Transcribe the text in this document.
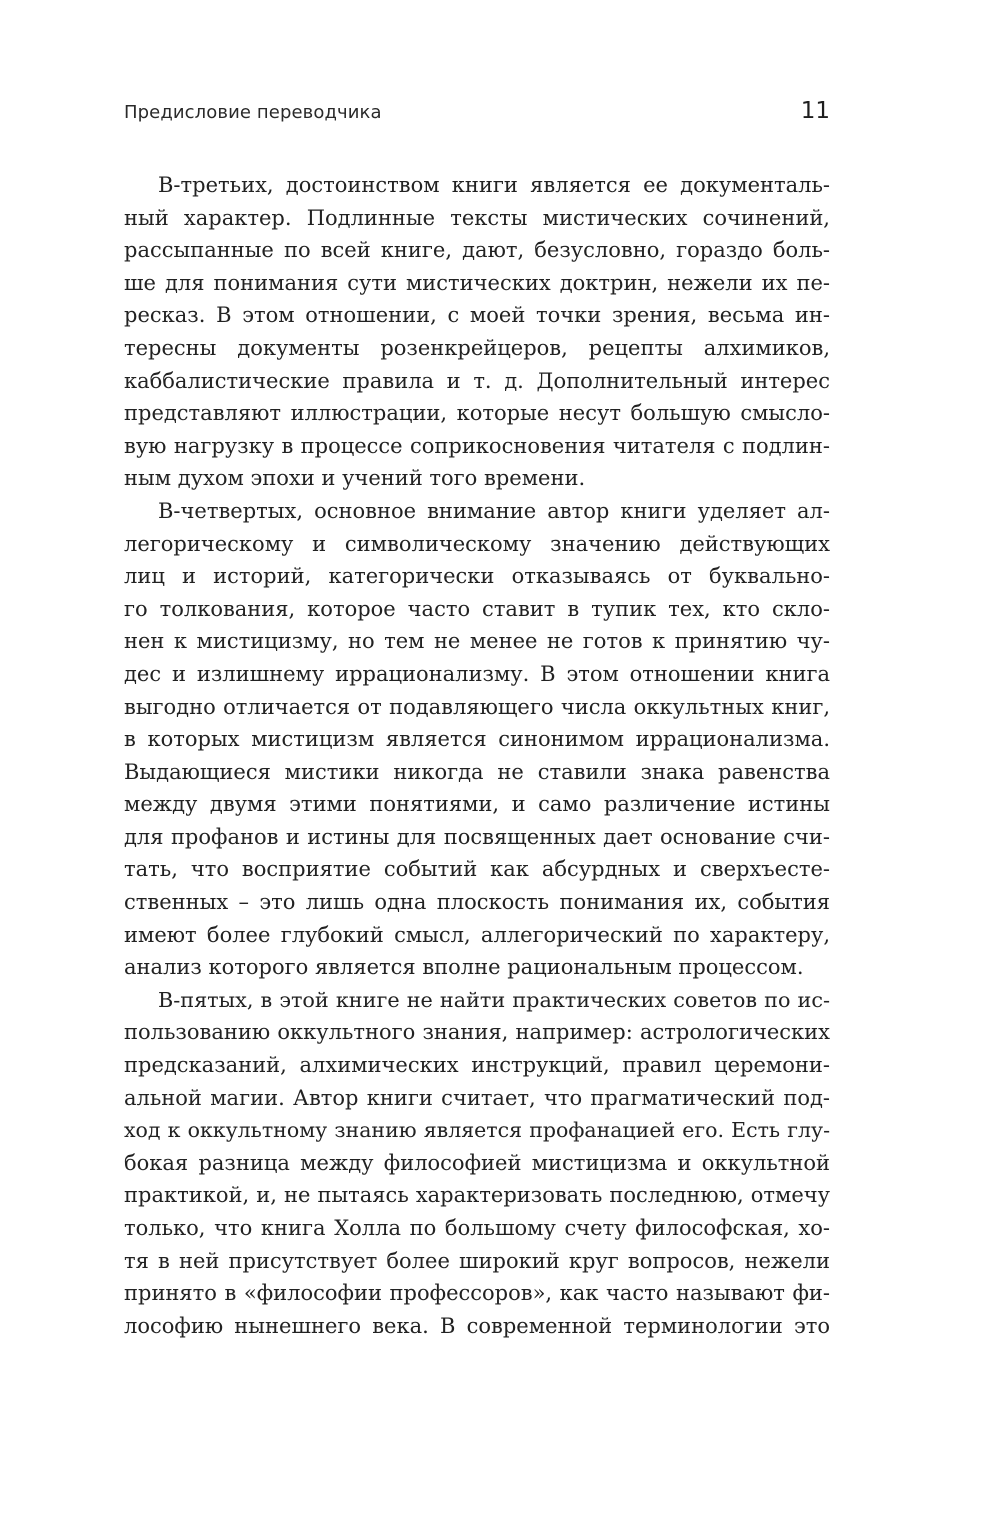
Предисловие переводчика	11
В-третьих, достоинством книги является ее документаль-
ный характер. Подлинные тексты мистических сочинений,
рассыпанные по всей книге, дают, безусловно, гораздо боль-
ше для понимания сути мистических доктрин, нежели их пе-
ресказ. В этом отношении, с моей точки зрения, весьма ин-
тересны документы розенкрейцеров, рецепты алхимиков,
каббалистические правила и т. д. Дополнительный интерес
представляют иллюстрации, которые несут большую смысло-
вую нагрузку в процессе соприкосновения читателя с подлин-
ным духом эпохи и учений того времени.
В-четвертых, основное внимание автор книги уделяет ал-
легорическому и символическому значению действующих
лиц и историй, категорически отказываясь от буквально-
го толкования, которое часто ставит в тупик тех, кто скло-
нен к мистицизму, но тем не менее не готов к принятию чу-
дес и излишнему иррационализму. В этом отношении книга
выгодно отличается от подавляющего числа оккультных книг,
в которых мистицизм является синонимом иррационализма.
Выдающиеся мистики никогда не ставили знака равенства
между двумя этими понятиями, и само различение истины
для профанов и истины для посвященных дает основание счи-
тать, что восприятие событий как абсурдных и сверхъесте-
ственных – это лишь одна плоскость понимания их, события
имеют более глубокий смысл, аллегорический по характеру,
анализ которого является вполне рациональным процессом.
В-пятых, в этой книге не найти практических советов по ис-
пользованию оккультного знания, например: астрологических
предсказаний, алхимических инструкций, правил церемони-
альной магии. Автор книги считает, что прагматический под-
ход к оккультному знанию является профанацией его. Есть глу-
бокая разница между философией мистицизма и оккультной
практикой, и, не пытаясь характеризовать последнюю, отмечу
только, что книга Холла по большому счету философская, хо-
тя в ней присутствует более широкий круг вопросов, нежели
принято в «философии профессоров», как часто называют фи-
лософию нынешнего века. В современной терминологии это
